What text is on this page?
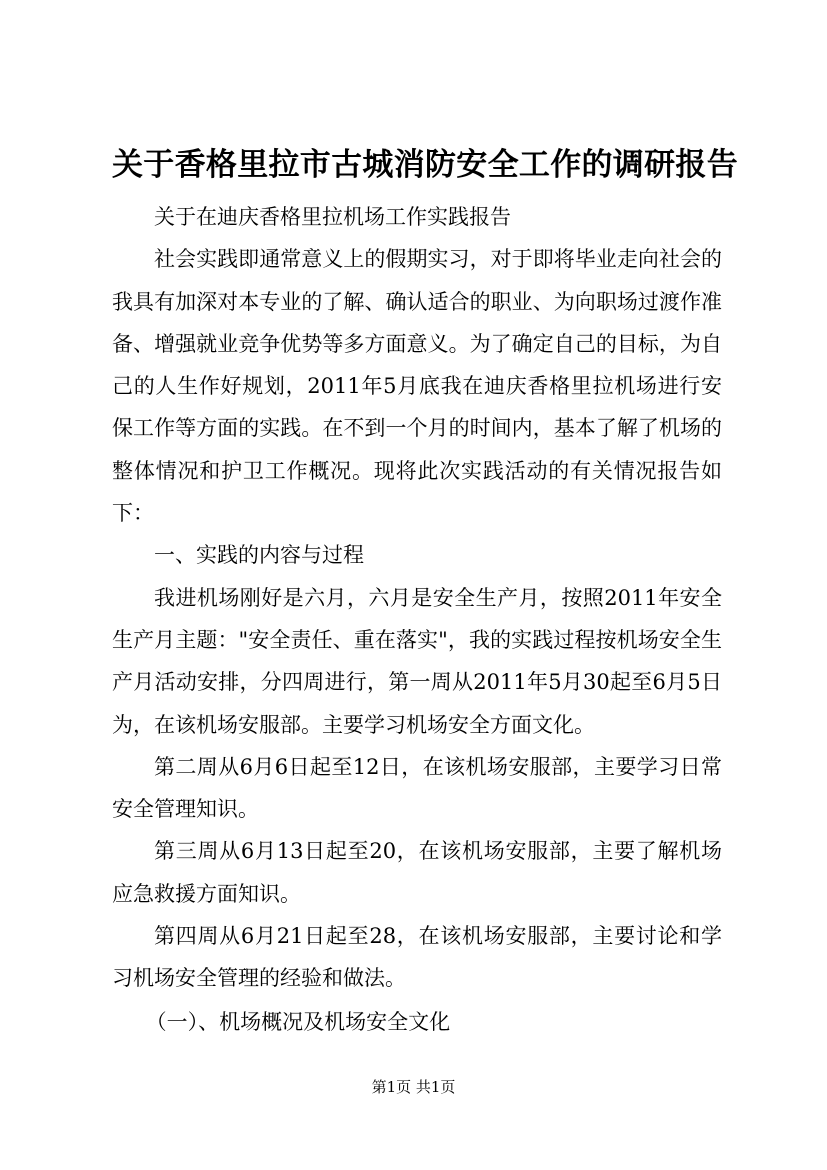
关于香格里拉市古城消防安全工作的调研报告

关于在迪庆香格里拉机场工作实践报告

社会实践即通常意义上的假期实习，对于即将毕业走向社会的我具有加深对本专业的了解、确认适合的职业、为向职场过渡作准备、增强就业竞争优势等多方面意义。为了确定自己的目标，为自己的人生作好规划，2011年5月底我在迪庆香格里拉机场进行安保工作等方面的实践。在不到一个月的时间内，基本了解了机场的整体情况和护卫工作概况。现将此次实践活动的有关情况报告如下：

一、实践的内容与过程

我进机场刚好是六月，六月是安全生产月，按照2011年安全生产月主题："安全责任、重在落实"，我的实践过程按机场安全生产月活动安排，分四周进行，第一周从2011年5月30起至6月5日为，在该机场安服部。主要学习机场安全方面文化。

第二周从6月6日起至12日，在该机场安服部，主要学习日常安全管理知识。

第三周从6月13日起至20，在该机场安服部，主要了解机场应急救援方面知识。

第四周从6月21日起至28，在该机场安服部，主要讨论和学习机场安全管理的经验和做法。

（一）、机场概况及机场安全文化

第1页 共1页
